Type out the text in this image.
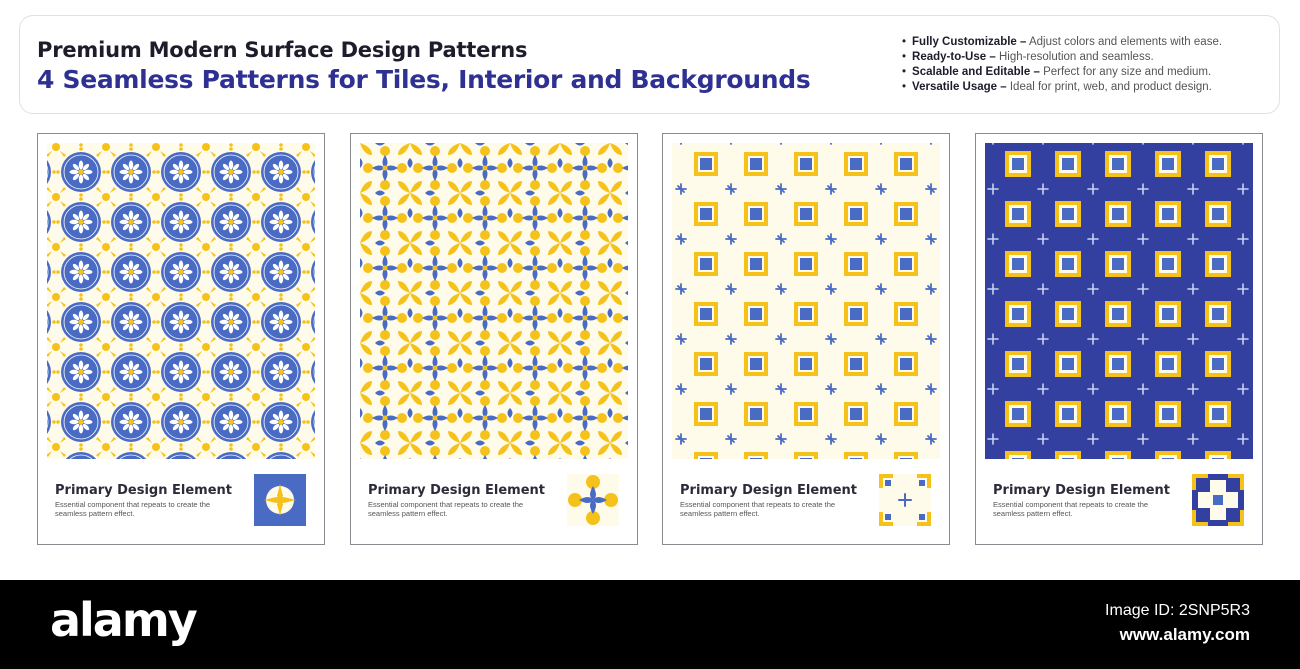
Premium Modern Surface Design Patterns
4 Seamless Patterns for Tiles, Interior and Backgrounds
• Fully Customizable – Adjust colors and elements with ease.
• Ready-to-Use – High-resolution and seamless.
• Scalable and Editable – Perfect for any size and medium.
• Versatile Usage – Ideal for print, web, and product design.
Primary Design Element
Essential component that repeats to create the seamless pattern effect.
Primary Design Element
Essential component that repeats to create the seamless pattern effect.
Primary Design Element
Essential component that repeats to create the seamless pattern effect.
Primary Design Element
Essential component that repeats to create the seamless pattern effect.
alamy	Image ID: 2SNP5R3
www.alamy.com
